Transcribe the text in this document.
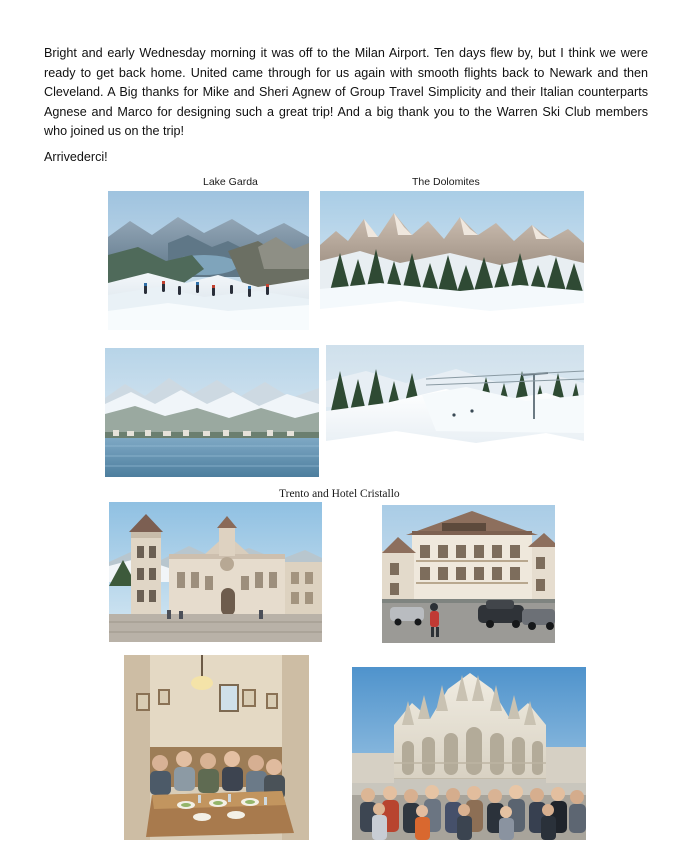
Bright and early Wednesday morning it was off to the Milan Airport. Ten days flew by, but I think we were ready to get back home. United came through for us again with smooth flights back to Newark and then Cleveland. A Big thanks for Mike and Sheri Agnew of Group Travel Simplicity and their Italian counterparts Agnese and Marco for designing such a great trip! And a big thank you to the Warren Ski Club members who joined us on the trip!
Arrivederci!
Lake Garda	The Dolomites
Trento and Hotel Cristallo
